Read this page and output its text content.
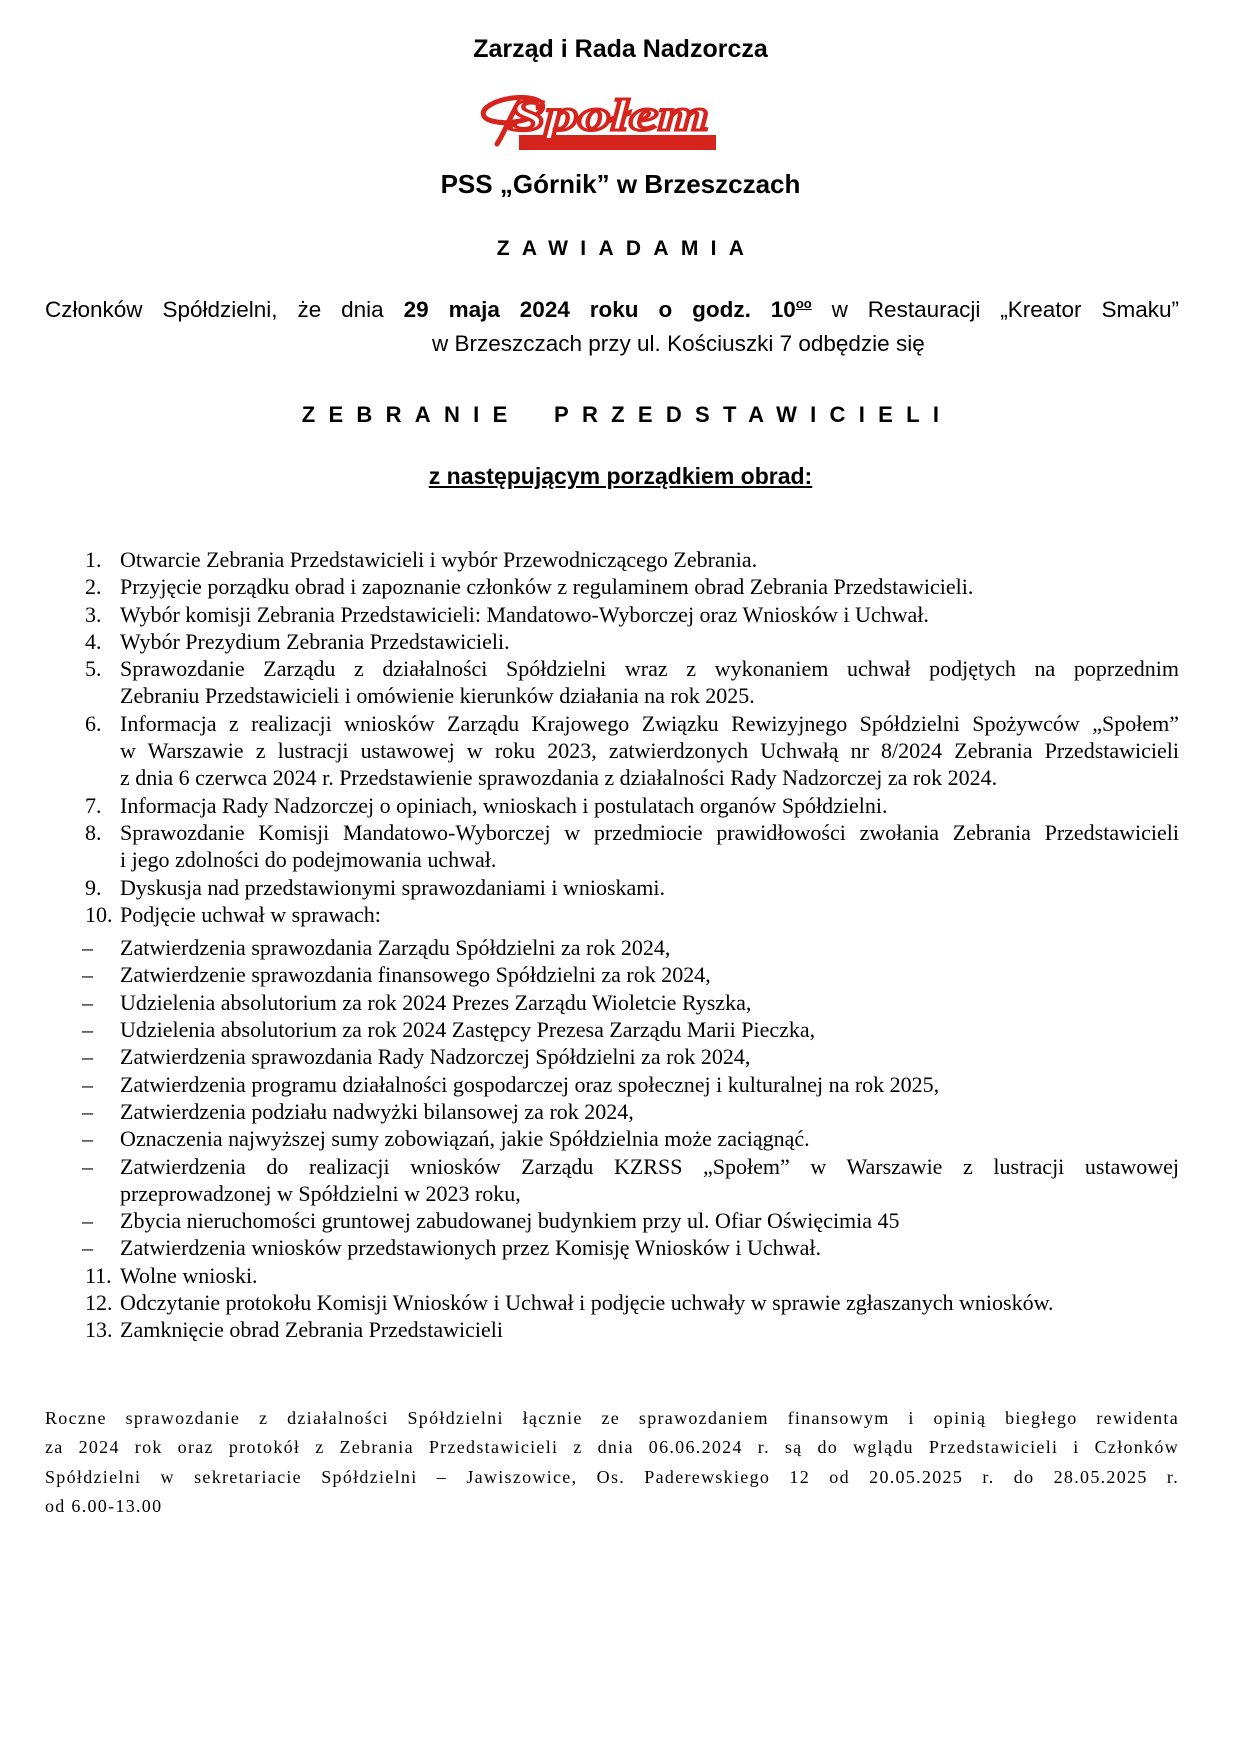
Zarząd i Rada Nadzorcza
Społem
PSS „Górnik” w Brzeszczach
ZAWIADAMIA
Członków Spółdzielni, że dnia 29 maja 2024 roku o godz. $10^{oo}$ w Restauracji „Kreator Smaku”
w Brzeszczach przy ul. Kościuszki 7 odbędzie się
ZEBRANIE PRZEDSTAWICIELI
z następującym porządkiem obrad:
1. Otwarcie Zebrania Przedstawicieli i wybór Przewodniczącego Zebrania.
2. Przyjęcie porządku obrad i zapoznanie członków z regulaminem obrad Zebrania Przedstawicieli.
3. Wybór komisji Zebrania Przedstawicieli: Mandatowo-Wyborczej oraz Wniosków i Uchwał.
4. Wybór Prezydium Zebrania Przedstawicieli.
5. Sprawozdanie Zarządu z działalności Spółdzielni wraz z wykonaniem uchwał podjętych na poprzednim
Zebraniu Przedstawicieli i omówienie kierunków działania na rok 2025.
6. Informacja z realizacji wniosków Zarządu Krajowego Związku Rewizyjnego Spółdzielni Spożywców „Społem”
w Warszawie z lustracji ustawowej w roku 2023, zatwierdzonych Uchwałą nr 8/2024 Zebrania Przedstawicieli
z dnia 6 czerwca 2024 r. Przedstawienie sprawozdania z działalności Rady Nadzorczej za rok 2024.
7. Informacja Rady Nadzorczej o opiniach, wnioskach i postulatach organów Spółdzielni.
8. Sprawozdanie Komisji Mandatowo-Wyborczej w przedmiocie prawidłowości zwołania Zebrania Przedstawicieli
i jego zdolności do podejmowania uchwał.
9. Dyskusja nad przedstawionymi sprawozdaniami i wnioskami.
10. Podjęcie uchwał w sprawach:
– Zatwierdzenia sprawozdania Zarządu Spółdzielni za rok 2024,
– Zatwierdzenie sprawozdania finansowego Spółdzielni za rok 2024,
– Udzielenia absolutorium za rok 2024 Prezes Zarządu Wioletcie Ryszka,
– Udzielenia absolutorium za rok 2024 Zastępcy Prezesa Zarządu Marii Pieczka,
– Zatwierdzenia sprawozdania Rady Nadzorczej Spółdzielni za rok 2024,
– Zatwierdzenia programu działalności gospodarczej oraz społecznej i kulturalnej na rok 2025,
– Zatwierdzenia podziału nadwyżki bilansowej za rok 2024,
– Oznaczenia najwyższej sumy zobowiązań, jakie Spółdzielnia może zaciągnąć.
– Zatwierdzenia do realizacji wniosków Zarządu KZRSS „Społem” w Warszawie z lustracji ustawowej
przeprowadzonej w Spółdzielni w 2023 roku,
– Zbycia nieruchomości gruntowej zabudowanej budynkiem przy ul. Ofiar Oświęcimia 45
– Zatwierdzenia wniosków przedstawionych przez Komisję Wniosków i Uchwał.
11. Wolne wnioski.
12. Odczytanie protokołu Komisji Wniosków i Uchwał i podjęcie uchwały w sprawie zgłaszanych wniosków.
13. Zamknięcie obrad Zebrania Przedstawicieli
Roczne sprawozdanie z działalności Spółdzielni łącznie ze sprawozdaniem finansowym i opinią biegłego rewidenta
za 2024 rok oraz protokół z Zebrania Przedstawicieli z dnia 06.06.2024 r. są do wglądu Przedstawicieli i Członków
Spółdzielni w sekretariacie Spółdzielni – Jawiszowice, Os. Paderewskiego 12 od 20.05.2025 r. do 28.05.2025 r.
od 6.00-13.00
